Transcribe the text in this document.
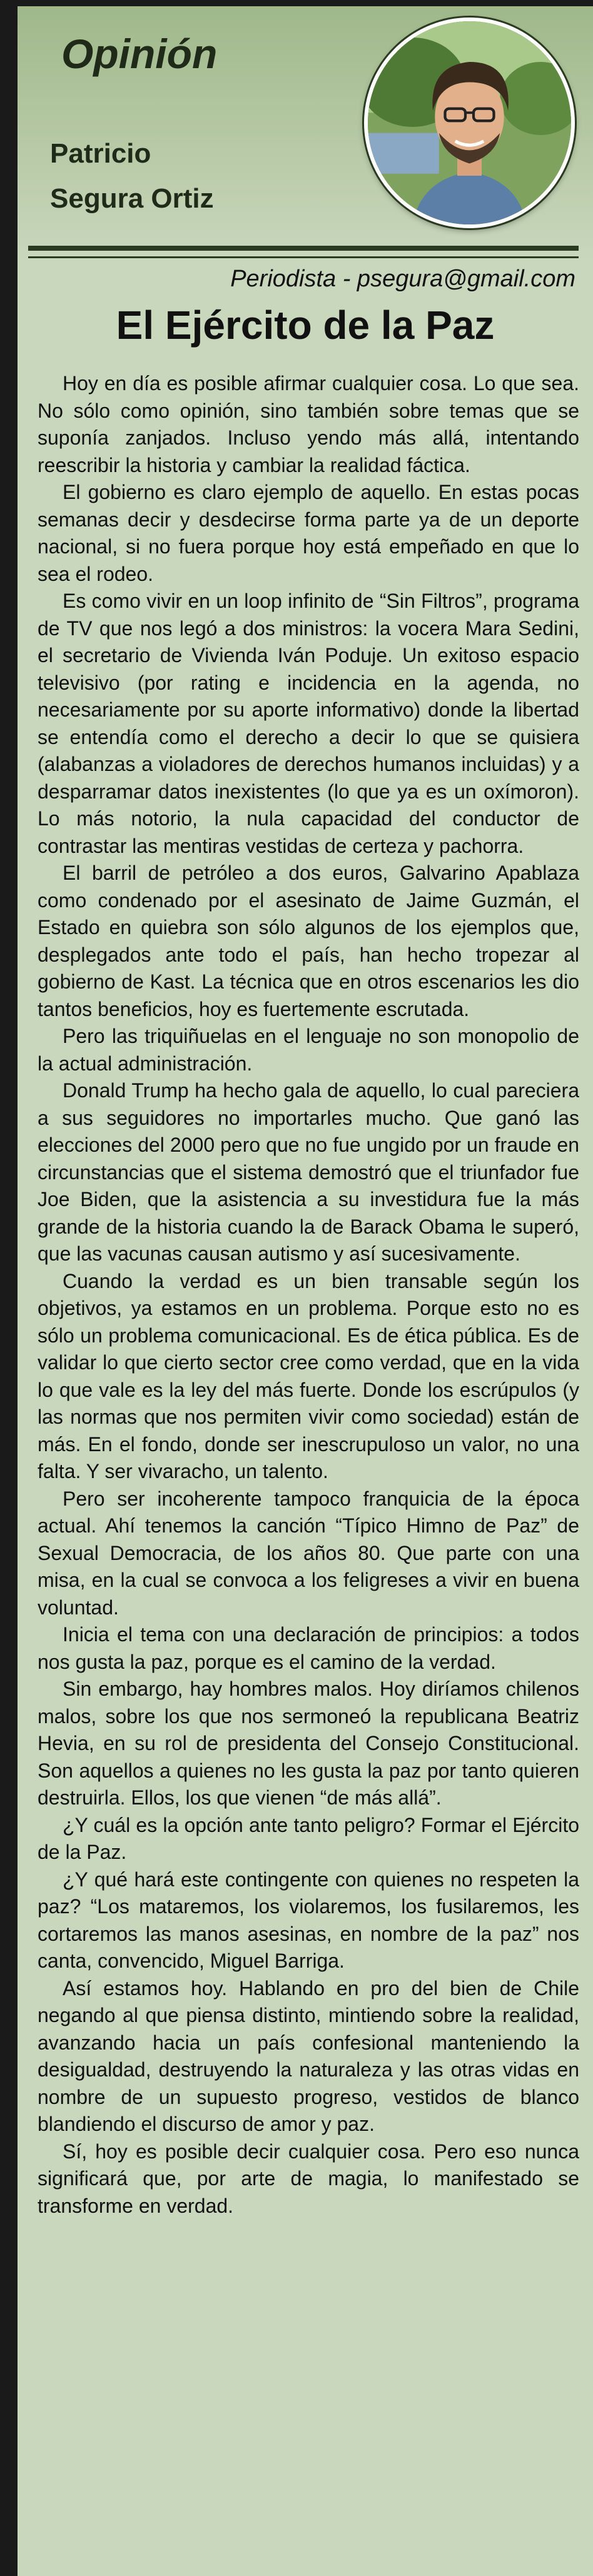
Opinión
Patricio
Segura Ortiz

Periodista - psegura@gmail.com

El Ejército de la Paz

Hoy en día es posible afirmar cualquier cosa. Lo que sea. No sólo como opinión, sino también sobre temas que se suponía zanjados. Incluso yendo más allá, intentando reescribir la historia y cambiar la realidad fáctica.

El gobierno es claro ejemplo de aquello. En estas pocas semanas decir y desdecirse forma parte ya de un deporte nacional, si no fuera porque hoy está empeñado en que lo sea el rodeo.

Es como vivir en un loop infinito de “Sin Filtros”, programa de TV que nos legó a dos ministros: la vocera Mara Sedini, el secretario de Vivienda Iván Poduje. Un exitoso espacio televisivo (por rating e incidencia en la agenda, no necesariamente por su aporte informativo) donde la libertad se entendía como el derecho a decir lo que se quisiera (alabanzas a violadores de derechos humanos incluidas) y a desparramar datos inexistentes (lo que ya es un oxímoron). Lo más notorio, la nula capacidad del conductor de contrastar las mentiras vestidas de certeza y pachorra.

El barril de petróleo a dos euros, Galvarino Apablaza como condenado por el asesinato de Jaime Guzmán, el Estado en quiebra son sólo algunos de los ejemplos que, desplegados ante todo el país, han hecho tropezar al gobierno de Kast. La técnica que en otros escenarios les dio tantos beneficios, hoy es fuertemente escrutada.

Pero las triquiñuelas en el lenguaje no son monopolio de la actual administración.

Donald Trump ha hecho gala de aquello, lo cual pareciera a sus seguidores no importarles mucho. Que ganó las elecciones del 2000 pero que no fue ungido por un fraude en circunstancias que el sistema demostró que el triunfador fue Joe Biden, que la asistencia a su investidura fue la más grande de la historia cuando la de Barack Obama le superó, que las vacunas causan autismo y así sucesivamente.

Cuando la verdad es un bien transable según los objetivos, ya estamos en un problema. Porque esto no es sólo un problema comunicacional. Es de ética pública. Es de validar lo que cierto sector cree como verdad, que en la vida lo que vale es la ley del más fuerte. Donde los escrúpulos (y las normas que nos permiten vivir como sociedad) están de más. En el fondo, donde ser inescrupuloso un valor, no una falta. Y ser vivaracho, un talento.

Pero ser incoherente tampoco franquicia de la época actual. Ahí tenemos la canción “Típico Himno de Paz” de Sexual Democracia, de los años 80. Que parte con una misa, en la cual se convoca a los feligreses a vivir en buena voluntad.

Inicia el tema con una declaración de principios: a todos nos gusta la paz, porque es el camino de la verdad.

Sin embargo, hay hombres malos. Hoy diríamos chilenos malos, sobre los que nos sermoneó la republicana Beatriz Hevia, en su rol de presidenta del Consejo Constitucional. Son aquellos a quienes no les gusta la paz por tanto quieren destruirla. Ellos, los que vienen “de más allá”.

¿Y cuál es la opción ante tanto peligro? Formar el Ejército de la Paz.

¿Y qué hará este contingente con quienes no respeten la paz? “Los mataremos, los violaremos, los fusilaremos, les cortaremos las manos asesinas, en nombre de la paz” nos canta, convencido, Miguel Barriga.

Así estamos hoy. Hablando en pro del bien de Chile negando al que piensa distinto, mintiendo sobre la realidad, avanzando hacia un país confesional manteniendo la desigualdad, destruyendo la naturaleza y las otras vidas en nombre de un supuesto progreso, vestidos de blanco blandiendo el discurso de amor y paz.

Sí, hoy es posible decir cualquier cosa. Pero eso nunca significará que, por arte de magia, lo manifestado se transforme en verdad.
